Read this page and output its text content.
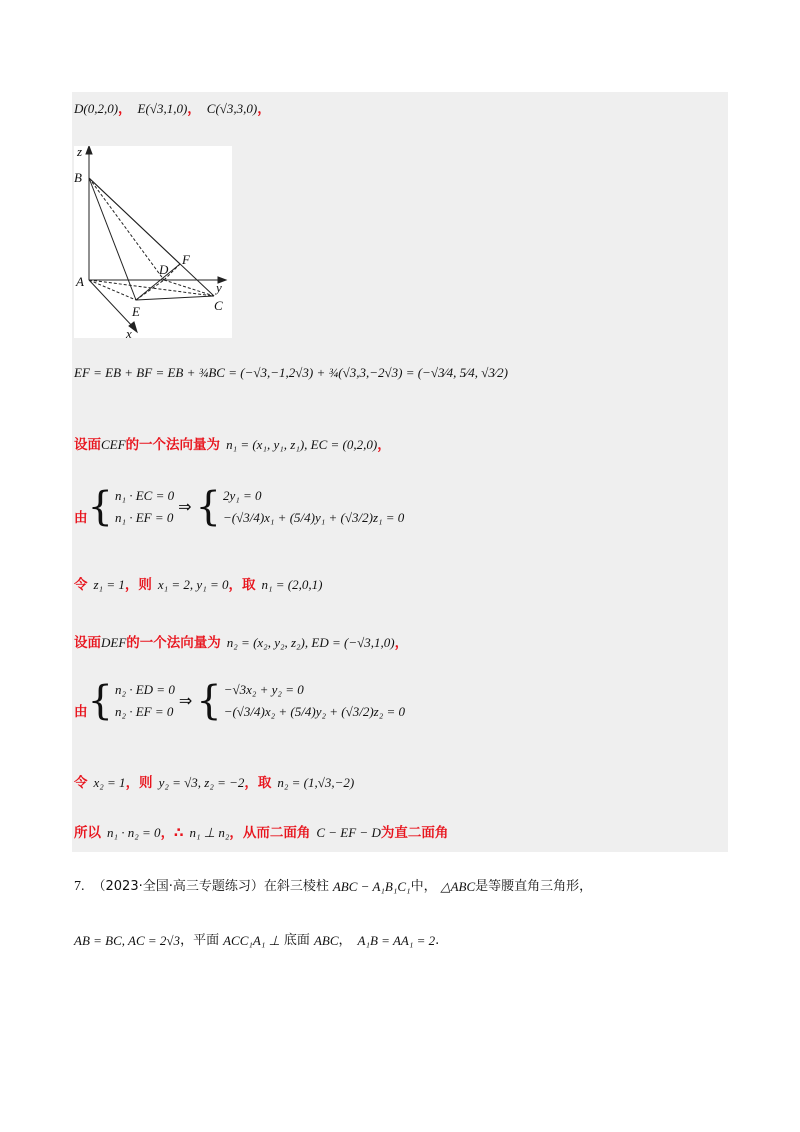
D(0,2,0) ， E(√3,1,0) ， C(√3,3,0) ，
z
B
A
D
F
y
E	C
x
EF = EB + BF = EB + ¾BC = (−√3,−1,2√3) + ¾(√3,3,−2√3) = (−√3⁄4, 5⁄4, √3⁄2)
设面 CEF 的一个法向量为 n₁ = (x₁, y₁, z₁), EC = (0,2,0) ，
由 { n₁ · EC = 0
n₁ · EF = 0
⇒ { 2y₁ = 0
−(√3/4)x₁ + (5/4)y₁ + (√3/2)z₁ = 0
令 z₁ = 1 ，则 x₁ = 2, y₁ = 0 ，取 n₁ = (2,0,1)
设面 DEF 的一个法向量为 n₂ = (x₂, y₂, z₂), ED = (−√3,1,0) ，
由 { n₂ · ED = 0
n₂ · EF = 0
⇒ { −√3x₂ + y₂ = 0
−(√3/4)x₂ + (5/4)y₂ + (√3/2)z₂ = 0
令 x₂ = 1 ，则 y₂ = √3, z₂ = −2 ，取 n₂ = (1,√3,−2)
所以 n₁ · n₂ = 0 ，∴ n₁ ⊥ n₂ ，从而二面角 C − EF − D 为直二面角
7. （2023·全国·高三专题练习）在斜三棱柱 ABC − A₁B₁C₁ 中， △ABC 是等腰直角三角形，
AB = BC, AC = 2√3 ，平面 ACC₁A₁ ⊥ 底面 ABC ， A₁B = AA₁ = 2 .
